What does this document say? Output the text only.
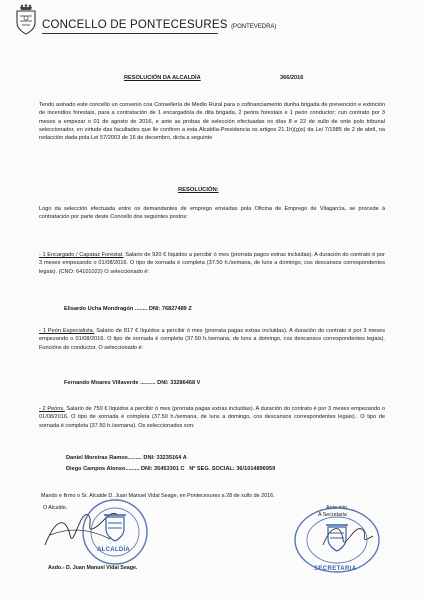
CONCELLO DE PONTECESURES (PONTEVEDRA)
RESOLUCIÓN DA ALCALDÍA	366/2016
Tendo asinado este concello un convenio coa Consellería de Medio Rural para o cofinanciamento dunha brigada de prevención e extinción de incendios forestais, para a contratación de 1 encargado/a de dita brigada, 2 peóns forestais e 1 peón conductor; cun contrato por 3 meses a empezar o 01 de agosto de 2016, e ante as probas de selección efectuadas os días 8 e 22 de xullo de onte polo tribunal seleccionador, en virtude das facultades que lle confiren a esta Alcaldía-Presidencia os artigos 21.1h)(g)s) da Lei 7/1985 de 2 de abril, na redacción dada pola Lei 57/2003 de 16 de decembro, dicta a seguinte
RESOLUCIÓN:
Logo da selección efectuada entre os demandantes de emprego enviadas pola Oficina de Emprego de Vilagarcía, se procede á contratación por parte deste Concello dos seguintes postos:
- 1 Encargado / Capataz Forestal. Salario de 920 € líquidos a percibir ó mes (prorrata pagos extras incluidas). A duración do contrato é por 3 meses empezando o 01/08/2016. O tipo de xornada é completa (37.50 h./semana, de luns a domingo, cos descansos correspondentes legais). (CNO: 64101022) O seleccionado é:
Elisardo Ucha Mondragón ........ DNI: 76827489 Z
- 1 Peón Especialista. Salario de 817 € líquidos a percibir ó mes (prorrata pagas extras incluidas). A duración do contrato é por 3 meses empezando o 01/08/2016. O tipo de xornada é completa (37.50 h./semana, de luns a domingo, cos descansos correspondentes legais). Funcións de conductor. O seleccionado é:
Fernando Moares Villaverde .......... DNI: 33286468 V
- 2 Peóns. Salario de 750 € líquidos a percibir ó mes (prorrata pagas extras incluidas). A duración do contrato é por 3 meses empezando o 01/08/2016. O tipo de xornada é completa (37.50 h./semana, de luns a domingo, cos descansos correspondentes legais).. O tipo de xornada é completa (37.50 h./semana). Os seleccionados son:
Daniel Moreiras Ramos......... DNI: 33235164 A
Diego Campos Alonso......... DNI: 35453301 C Nº SEG. SOCIAL: 36/1014896959
Mando e firmo o Sr. Alcalde D. Juan Manuel Vidal Seage, en Pontecesures a 28 de xullo de 2016.
O Alcalde,	Ante min
A Secretaria
ALCALDÍA
SECRETARIA
Asdo.- D. Juan Manuel Vidal Seage.
